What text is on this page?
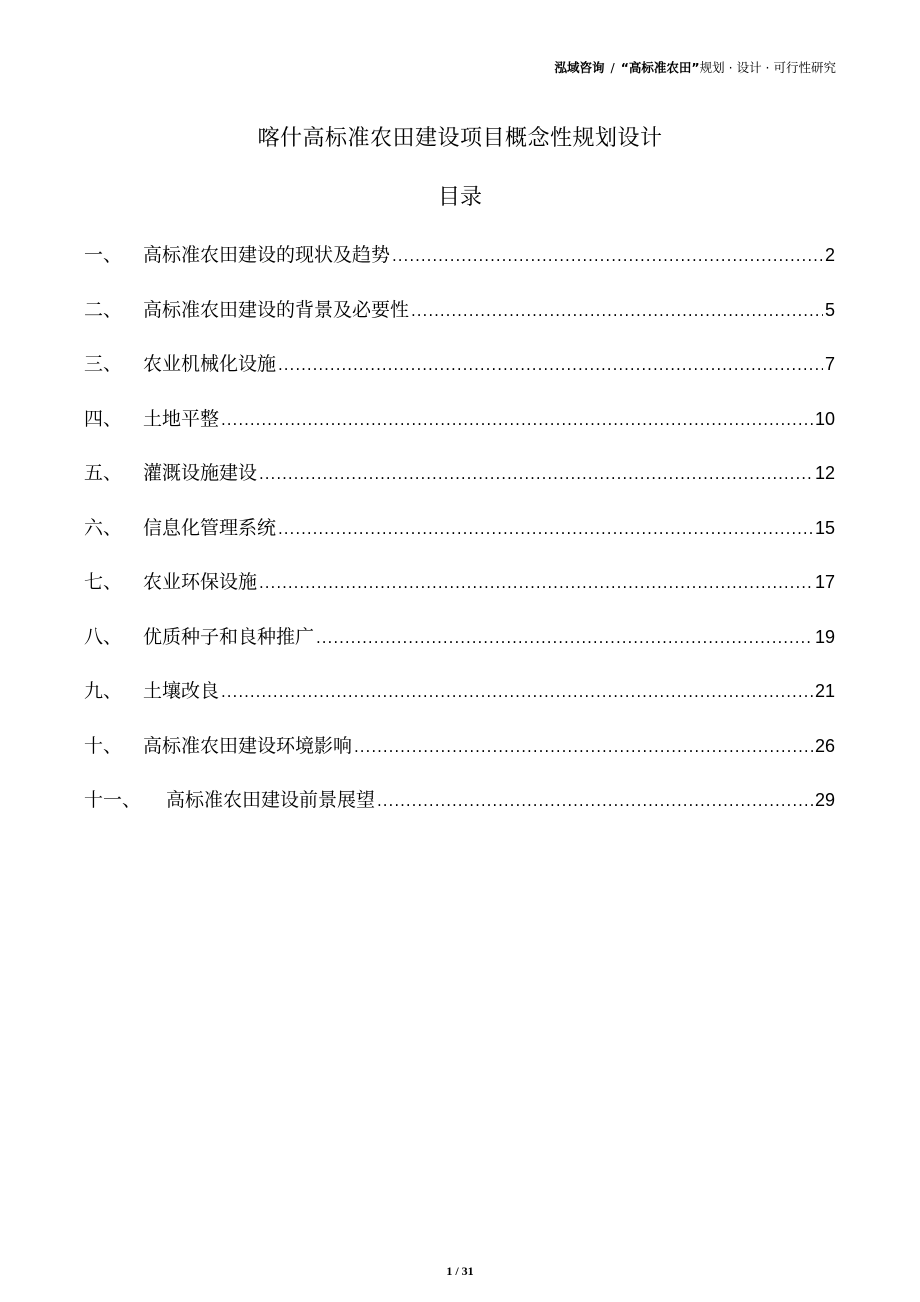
泓域咨询 / “高标准农田”规划 · 设计 · 可行性研究
喀什高标准农田建设项目概念性规划设计
目录
一、	高标准农田建设的现状及趋势 .....	2
二、	高标准农田建设的背景及必要性 .....	5
三、	农业机械化设施 .....	7
四、	土地平整 .....	10
五、	灌溉设施建设 .....	12
六、	信息化管理系统 .....	15
七、	农业环保设施 .....	17
八、	优质种子和良种推广 .....	19
九、	土壤改良 .....	21
十、	高标准农田建设环境影响 .....	26
十一、	高标准农田建设前景展望 .....	29
1 / 31
